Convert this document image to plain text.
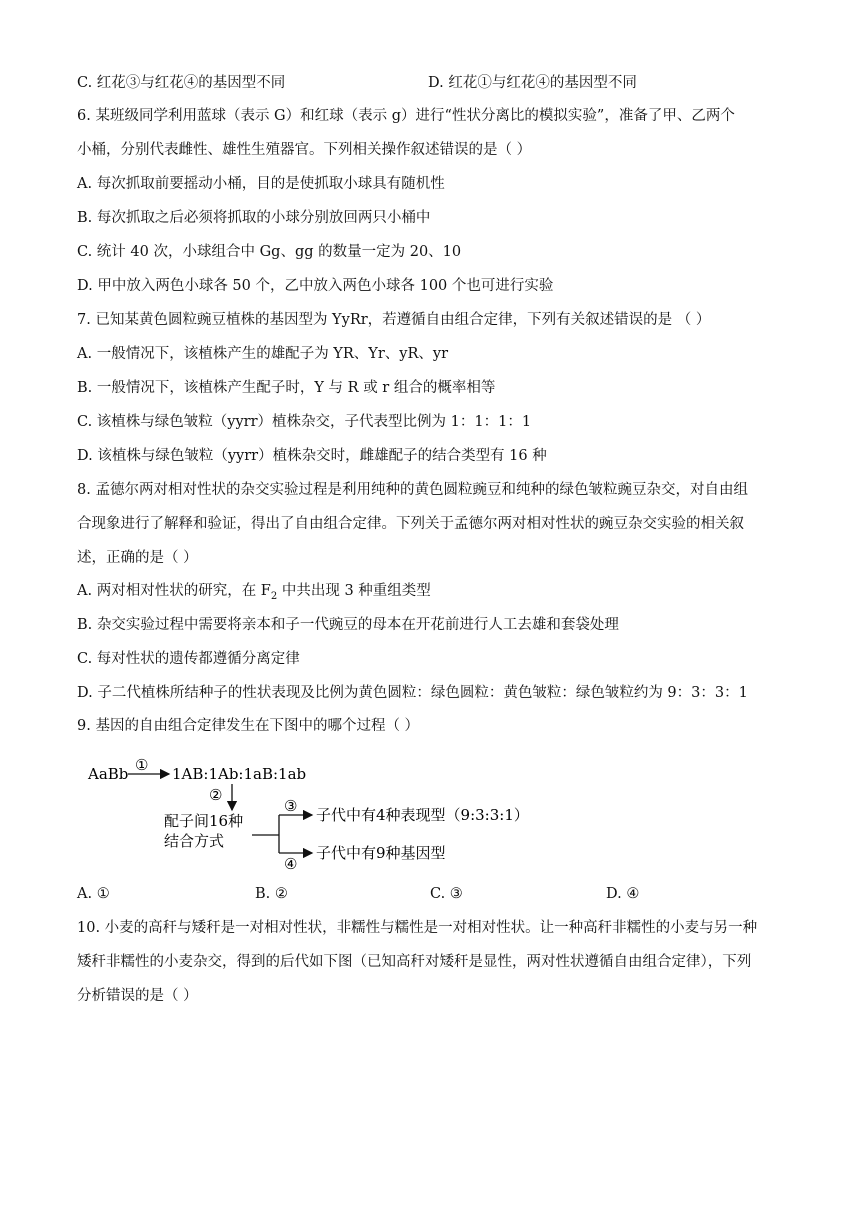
C. 红花③与红花④的基因型不同	D. 红花①与红花④的基因型不同
6. 某班级同学利用蓝球（表示 G）和红球（表示 g）进行“性状分离比的模拟实验”，准备了甲、乙两个
小桶，分别代表雌性、雄性生殖器官。下列相关操作叙述错误的是（ ）
A. 每次抓取前要摇动小桶，目的是使抓取小球具有随机性
B. 每次抓取之后必须将抓取的小球分别放回两只小桶中
C. 统计 40 次，小球组合中 Gg、gg 的数量一定为 20、10
D. 甲中放入两色小球各 50 个，乙中放入两色小球各 100 个也可进行实验
7. 已知某黄色圆粒豌豆植株的基因型为 YyRr，若遵循自由组合定律，下列有关叙述错误的是 （ ）
A. 一般情况下，该植株产生的雄配子为 YR、Yr、yR、yr
B. 一般情况下，该植株产生配子时，Y 与 R 或 r 组合的概率相等
C. 该植株与绿色皱粒（yyrr）植株杂交，子代表型比例为 1：1：1：1
D. 该植株与绿色皱粒（yyrr）植株杂交时，雌雄配子的结合类型有 16 种
8. 孟德尔两对相对性状的杂交实验过程是利用纯种的黄色圆粒豌豆和纯种的绿色皱粒豌豆杂交，对自由组
合现象进行了解释和验证，得出了自由组合定律。下列关于孟德尔两对相对性状的豌豆杂交实验的相关叙
述，正确的是（ ）
A. 两对相对性状的研究，在 $F_2$ 中共出现 3 种重组类型
B. 杂交实验过程中需要将亲本和子一代豌豆的母本在开花前进行人工去雄和套袋处理
C. 每对性状的遗传都遵循分离定律
D. 子二代植株所结种子的性状表现及比例为黄色圆粒：绿色圆粒：黄色皱粒：绿色皱粒约为 9：3：3：1
9. 基因的自由组合定律发生在下图中的哪个过程（ ）
AaBb ① 1AB:1Ab:1aB:1ab
②
配子间16种
结合方式
③
④
子代中有4种表现型（9:3:3:1）
子代中有9种基因型
A. ①	B. ②	C. ③	D. ④
10. 小麦的高秆与矮秆是一对相对性状，非糯性与糯性是一对相对性状。让一种高秆非糯性的小麦与另一种
矮秆非糯性的小麦杂交，得到的后代如下图（已知高秆对矮秆是显性，两对性状遵循自由组合定律），下列
分析错误的是（ ）
